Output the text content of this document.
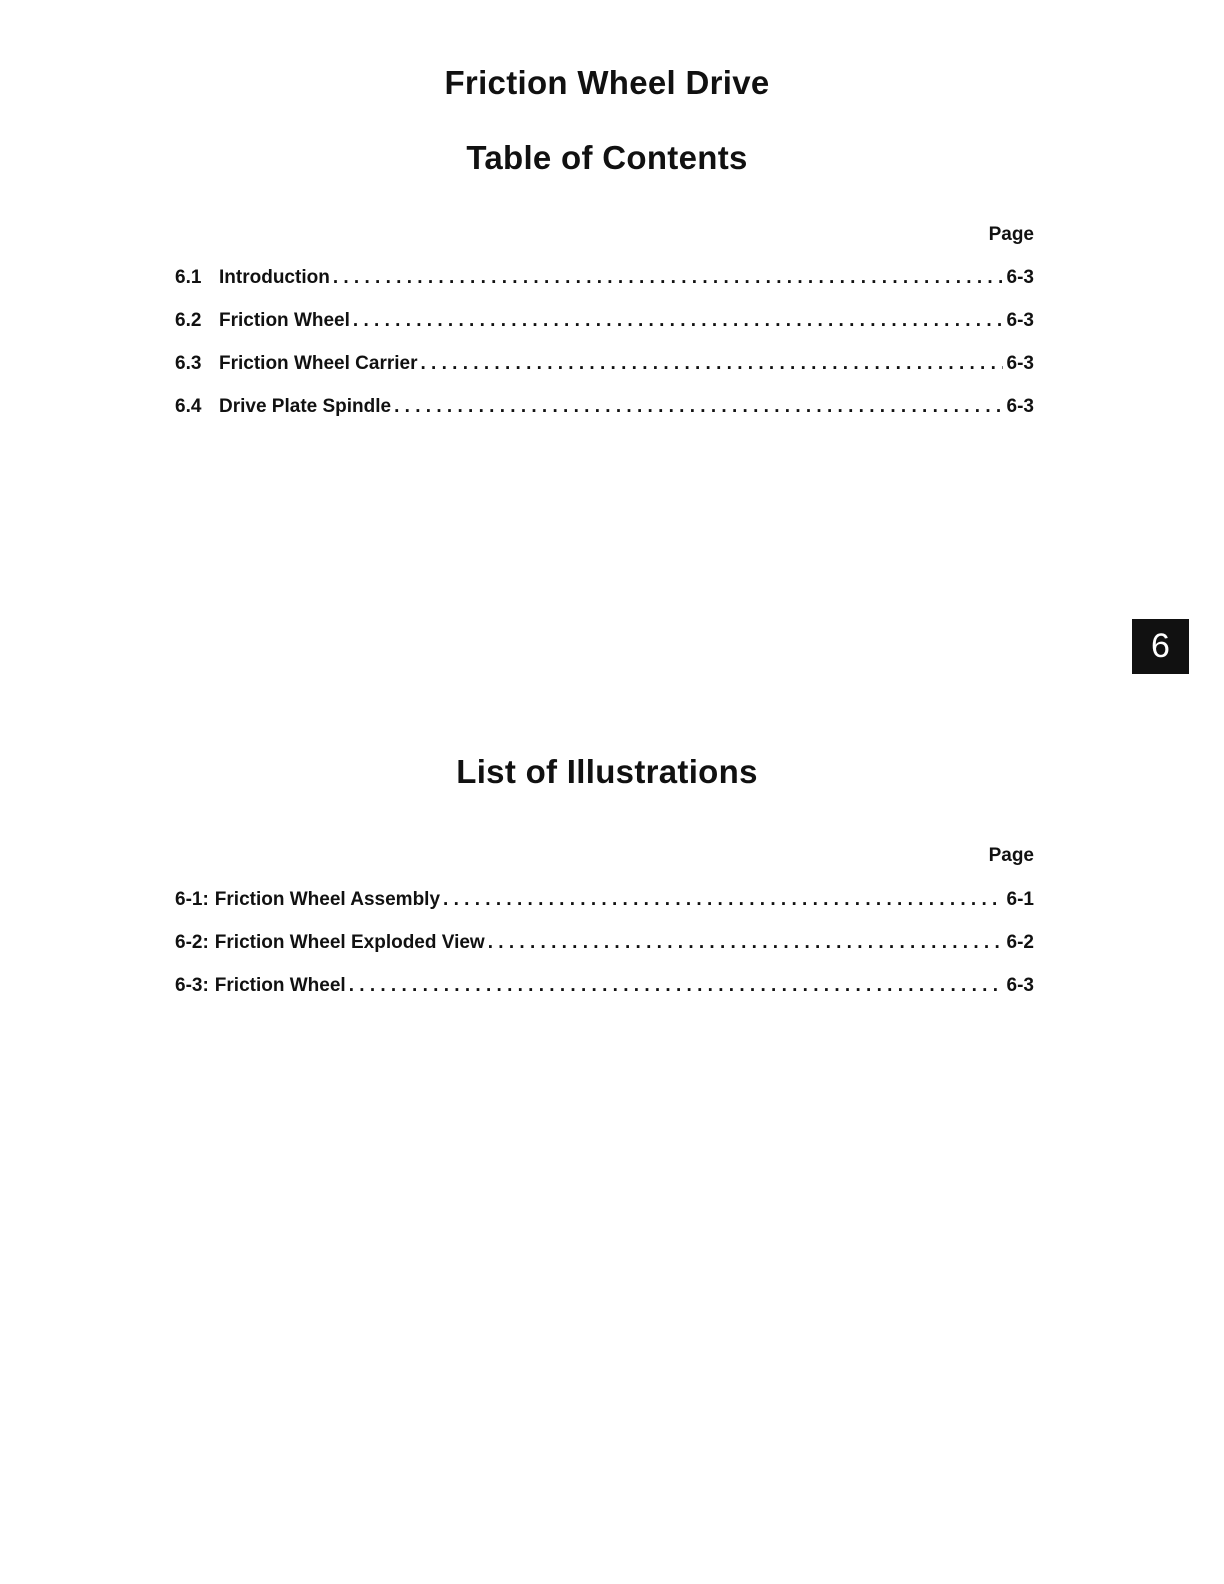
Friction Wheel Drive
Table of Contents
Page
6.1 Introduction . . .	6-3
6.2 Friction Wheel . . .	6-3
6.3 Friction Wheel Carrier . . .	6-3
6.4 Drive Plate Spindle . . .	6-3
6
List of Illustrations
Page
6-1: Friction Wheel Assembly . . .	6-1
6-2: Friction Wheel Exploded View . . .	6-2
6-3: Friction Wheel . . .	6-3
